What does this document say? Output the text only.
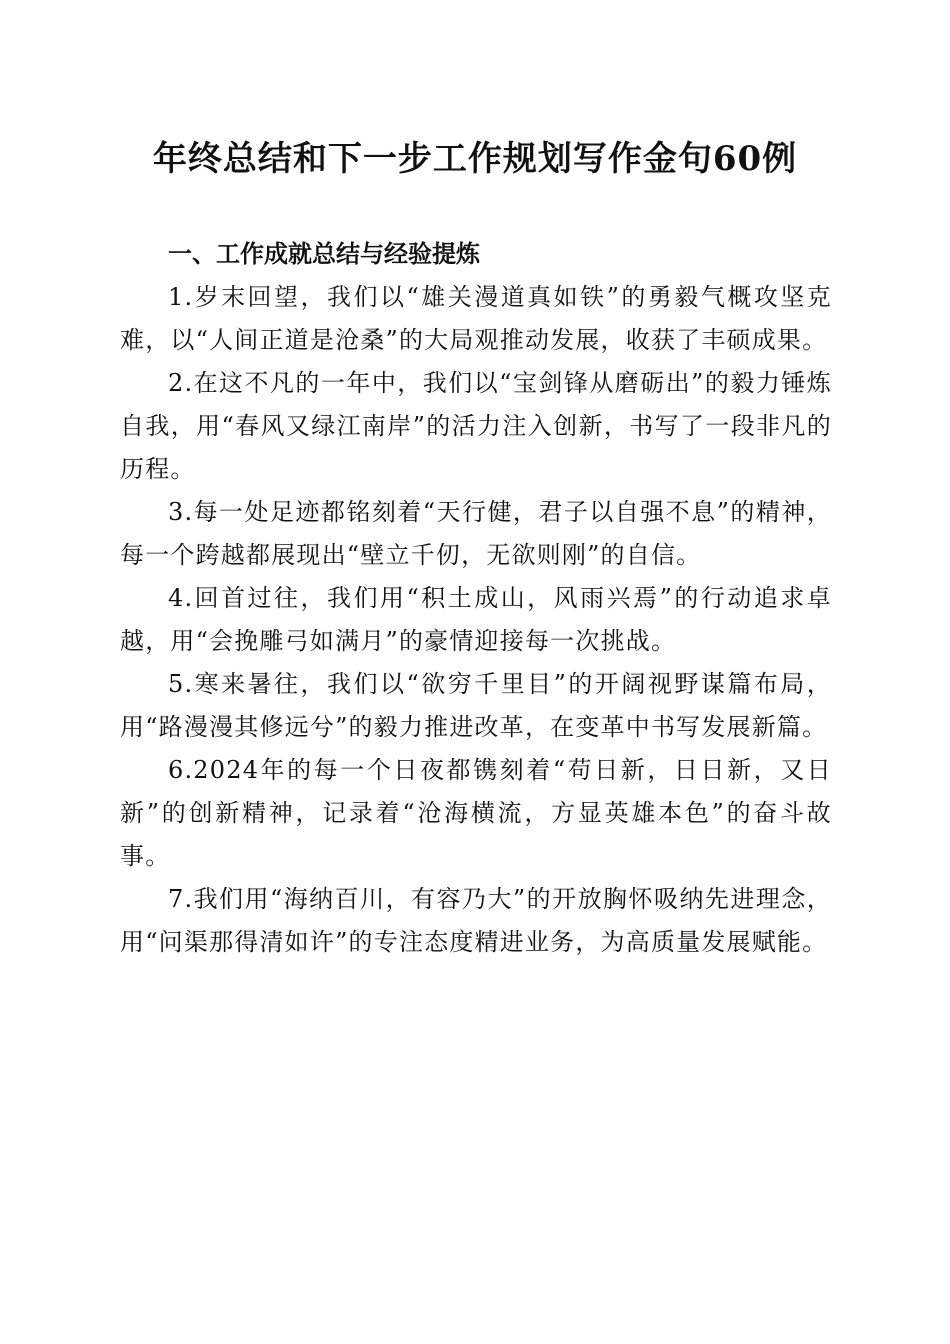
年终总结和下一步工作规划写作金句60例
一、工作成就总结与经验提炼

1.岁末回望，我们以“雄关漫道真如铁”的勇毅气概攻坚克难，以“人间正道是沧桑”的大局观推动发展，收获了丰硕成果。

2.在这不凡的一年中，我们以“宝剑锋从磨砺出”的毅力锤炼自我，用“春风又绿江南岸”的活力注入创新，书写了一段非凡的历程。

3.每一处足迹都铭刻着“天行健，君子以自强不息”的精神，每一个跨越都展现出“壁立千仞，无欲则刚”的自信。

4.回首过往，我们用“积土成山，风雨兴焉”的行动追求卓越，用“会挽雕弓如满月”的豪情迎接每一次挑战。

5.寒来暑往，我们以“欲穷千里目”的开阔视野谋篇布局，用“路漫漫其修远兮”的毅力推进改革，在变革中书写发展新篇。

6.2024年的每一个日夜都镌刻着“苟日新，日日新，又日新”的创新精神，记录着“沧海横流，方显英雄本色”的奋斗故事。

7.我们用“海纳百川，有容乃大”的开放胸怀吸纳先进理念，用“问渠那得清如许”的专注态度精进业务，为高质量发展赋能。
